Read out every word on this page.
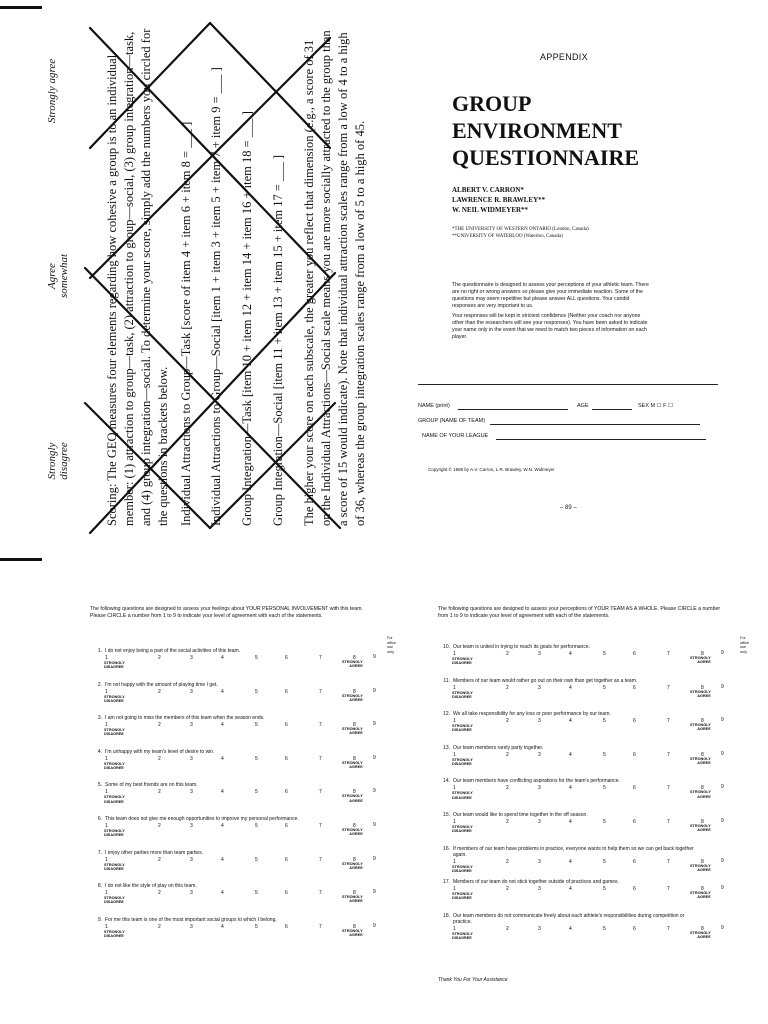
Strongly disagree
Agree somewhat
Strongly agree	Scoring: The GEQ measures four elements regarding how cohesive a group is to an individual member: (1) attraction to group—task, (2) attraction to group—social, (3) group integration—task, and (4) group integration—social. To determine your score, simply add the numbers you circled for the questions in brackets below. Individual Attractions to Group—Task [score of item 4 + item 6 + item 8 = ___ ] Individual Attractions to Group—Social [item 1 + item 3 + item 5 + item 7 + item 9 = ___ ] Group Integration—Task [item 10 + item 12 + item 14 + item 16 + item 18 = ___ ] Group Integration—Social [item 11 + item 13 + item 15 + item 17 = ___ ] The higher your score on each subscale, the greater you reflect that dimension (e.g., a score of 31 on the Individual Attractions—Social scale means you are more socially attracted to the group than a score of 15 would indicate). Note that individual attraction scales range from a low of 4 to a high of 36, whereas the group integration scales range from a low of 5 to a high of 45.

APPENDIX
GROUP
ENVIRONMENT
QUESTIONNAIRE
ALBERT V. CARRON*
LAWRENCE R. BRAWLEY**
W. NEIL WIDMEYER**
*THE UNIVERSITY OF WESTERN ONTARIO (London, Canada)
**UNIVERSITY OF WATERLOO (Waterloo, Canada)

The questionnaire is designed to assess your perceptions of your athletic team. There are no right or wrong answers so please give your immediate reaction. Some of the questions may seem repetitive but please answer ALL questions. Your candid responses are very important to us.

Your responses will be kept in strictest confidence (Neither your coach nor anyone other than the researchers will see your responses). You have been asked to indicate your name only in the event that we need to match two pieces of information on each player.

NAME (print)	AGE	SEX M ☐ F ☐
GROUP (NAME OF TEAM)
NAME OF YOUR LEAGUE
Copyright © 1985 by A.V. Carron, L.R. Brawley, W.N. Widmeyer
– 89 –
The following questions are designed to assess your feelings about YOUR PERSONAL INVOLVEMENT with this team. Please CIRCLE a number from 1 to 9 to indicate your level of agreement with each of the statements.
For office use only
1. I do not enjoy being a part of the social activities of this team.
1	2	3	4	5	6	7	8	9
STRONGLY
DISAGREE
STRONGLY
AGREE
2. I'm not happy with the amount of playing time I get.
1	2	3	4	5	6	7	8	9
STRONGLY
DISAGREE
STRONGLY
AGREE
3. I am not going to miss the members of this team when the season ends.
1	2	3	4	5	6	7	8	9
STRONGLY
DISAGREE
STRONGLY
AGREE
4. I'm unhappy with my team's level of desire to win.
1	2	3	4	5	6	7	8	9
STRONGLY
DISAGREE
STRONGLY
AGREE
5. Some of my best friends are on this team.
1	2	3	4	5	6	7	8	9
STRONGLY
DISAGREE
STRONGLY
AGREE
6. This team does not give me enough opportunities to improve my personal performance.
1	2	3	4	5	6	7	8	9
STRONGLY
DISAGREE
STRONGLY
AGREE
7. I enjoy other parties more than team parties.
1	2	3	4	5	6	7	8	9
STRONGLY
DISAGREE
STRONGLY
AGREE
8. I do not like the style of play on this team.
1	2	3	4	5	6	7	8	9
STRONGLY
DISAGREE
STRONGLY
AGREE
9. For me this team is one of the most important social groups to which I belong.
1	2	3	4	5	6	7	8	9
STRONGLY
DISAGREE
STRONGLY
AGREE
The following questions are designed to assess your perceptions of YOUR TEAM AS A WHOLE. Please CIRCLE a number from 1 to 9 to indicate your level of agreement with each of the statements.
For office use only
10. Our team is united in trying to reach its goals for performance.
1	2	3	4	5	6	7	8	9
STRONGLY
DISAGREE
STRONGLY
AGREE
11. Members of our team would rather go out on their own than get together as a team.
1	2	3	4	5	6	7	8	9
STRONGLY
DISAGREE
STRONGLY
AGREE
12. We all take responsibility for any loss or poor performance by our team.
1	2	3	4	5	6	7	8	9
STRONGLY
DISAGREE
STRONGLY
AGREE
13. Our team members rarely party together.
1	2	3	4	5	6	7	8	9
STRONGLY
DISAGREE
STRONGLY
AGREE
14. Our team members have conflicting aspirations for the team's performance.
1	2	3	4	5	6	7	8	9
STRONGLY
DISAGREE
STRONGLY
AGREE
15. Our team would like to spend time together in the off season.
1	2	3	4	5	6	7	8	9
STRONGLY
DISAGREE
STRONGLY
AGREE
16. If members of our team have problems in practice, everyone wants to help them so we can get back together again.
1	2	3	4	5	6	7	8	9
STRONGLY
DISAGREE
STRONGLY
AGREE
17. Members of our team do not stick together outside of practices and games.
1	2	3	4	5	6	7	8	9
STRONGLY
DISAGREE
STRONGLY
AGREE
18. Our team members do not communicate freely about each athlete's responsibilities during competition or practice.
1	2	3	4	5	6	7	8	9
STRONGLY
DISAGREE
STRONGLY
AGREE
Thank You For Your Assistance
